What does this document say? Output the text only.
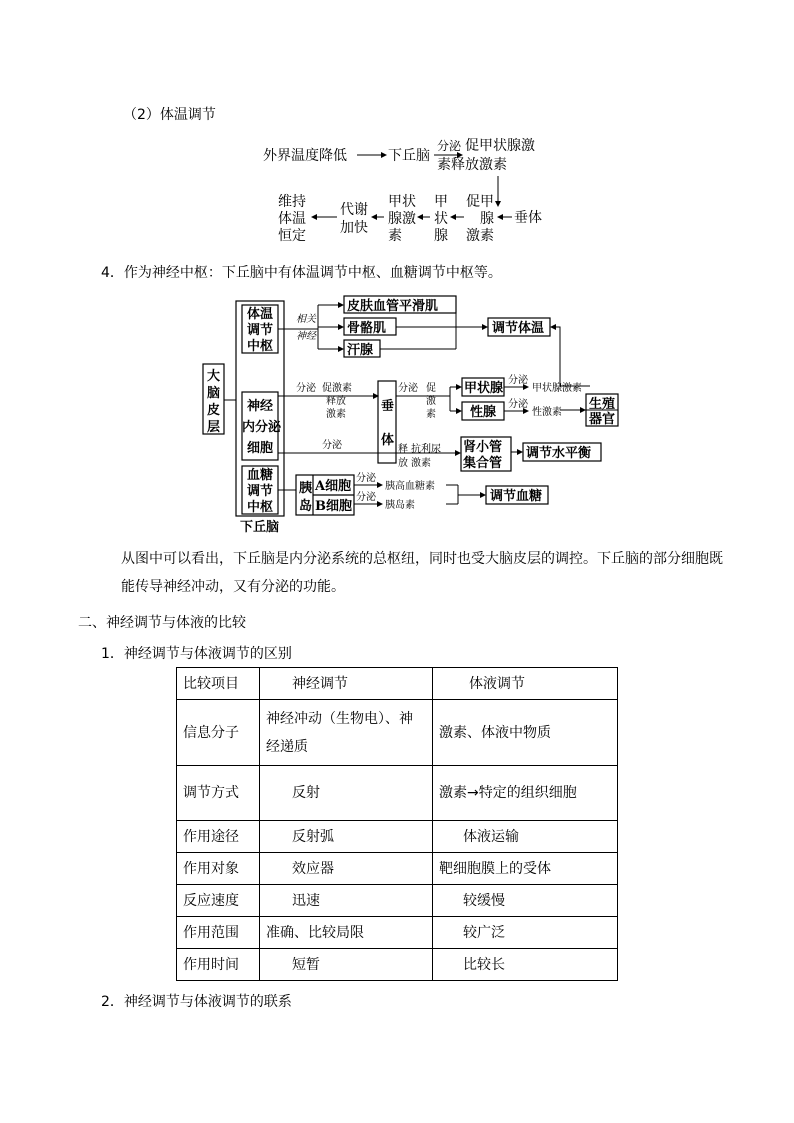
（2）体温调节
外界温度降低	下丘脑
分泌 促甲状腺激
素释放激素
垂体
促甲
腺
激素
甲
状
腺
甲状
腺激
素
代谢
加快
维持
体温
恒定
4．作为神经中枢：下丘脑中有体温调节中枢、血糖调节中枢等。
大
脑
皮
层
体温
调节
中枢
相关
神经
皮肤血管平滑肌
骨骼肌
汗腺
调节体温
神经
内分泌
细胞
分泌 促激素
释放
激素
垂
体
分泌 促
激
素
甲状腺
性腺
分泌
分泌
甲状腺激素
性激素
生殖
器官
分泌	释
放
抗利尿
激素
肾小管
集合管
调节水平衡
血糖
调节
中枢
胰
岛
A细胞
B细胞
分泌
分泌
胰高血糖素
胰岛素
调节血糖
下丘脑
从图中可以看出，下丘脑是内分泌系统的总枢纽，同时也受大脑皮层的调控。下丘脑的部分细胞既能传导神经冲动，又有分泌的功能。
二、神经调节与体液的比较
1．神经调节与体液调节的区别
比较项目	神经调节	体液调节
信息分子	神经冲动（生物电）、神经递质	激素、体液中物质
调节方式	反射	激素→特定的组织细胞
作用途径	反射弧	体液运输
作用对象	效应器	靶细胞膜上的受体
反应速度	迅速	较缓慢
作用范围	准确、比较局限	较广泛
作用时间	短暂	比较长
2．神经调节与体液调节的联系
